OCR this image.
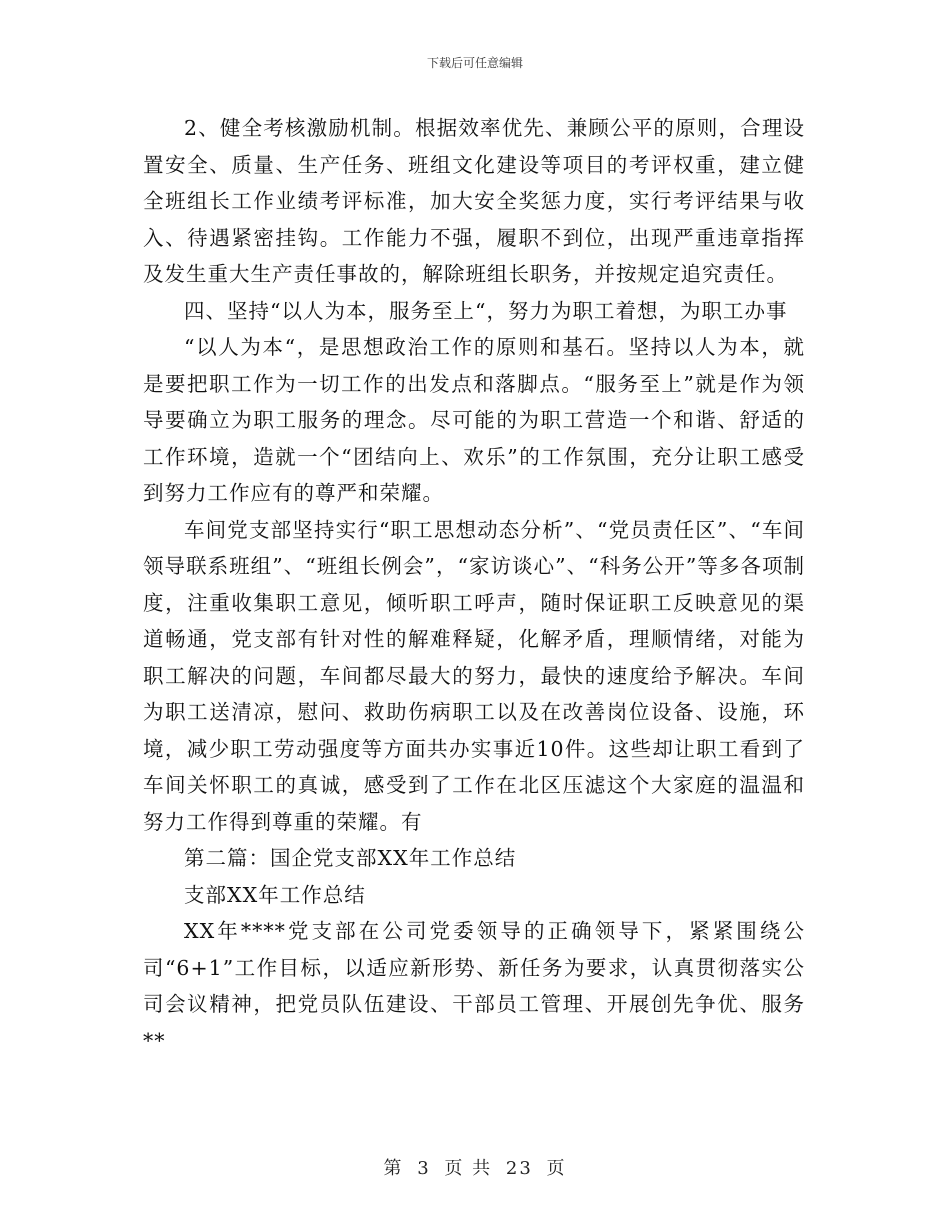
下载后可任意编辑

2、健全考核激励机制。根据效率优先、兼顾公平的原则，合理设置安全、质量、生产任务、班组文化建设等项目的考评权重，建立健全班组长工作业绩考评标准，加大安全奖惩力度，实行考评结果与收入、待遇紧密挂钩。工作能力不强，履职不到位，出现严重违章指挥及发生重大生产责任事故的，解除班组长职务，并按规定追究责任。

四、坚持“以人为本，服务至上“，努力为职工着想，为职工办事

“以人为本“，是思想政治工作的原则和基石。坚持以人为本，就是要把职工作为一切工作的出发点和落脚点。“服务至上”就是作为领导要确立为职工服务的理念。尽可能的为职工营造一个和谐、舒适的工作环境，造就一个“团结向上、欢乐”的工作氛围，充分让职工感受到努力工作应有的尊严和荣耀。

车间党支部坚持实行“职工思想动态分析”、“党员责任区”、“车间领导联系班组”、“班组长例会”，“家访谈心”、“科务公开”等多各项制度，注重收集职工意见，倾听职工呼声，随时保证职工反映意见的渠道畅通，党支部有针对性的解难释疑，化解矛盾，理顺情绪，对能为职工解决的问题，车间都尽最大的努力，最快的速度给予解决。车间为职工送清凉，慰问、救助伤病职工以及在改善岗位设备、设施，环境，减少职工劳动强度等方面共办实事近10件。这些却让职工看到了车间关怀职工的真诚，感受到了工作在北区压滤这个大家庭的温温和努力工作得到尊重的荣耀。有

第二篇：国企党支部XX年工作总结

支部XX年工作总结

XX年****党支部在公司党委领导的正确领导下，紧紧围绕公司“6+1”工作目标，以适应新形势、新任务为要求，认真贯彻落实公司会议精神，把党员队伍建设、干部员工管理、开展创先争优、服务**

第 3 页 共 23 页
